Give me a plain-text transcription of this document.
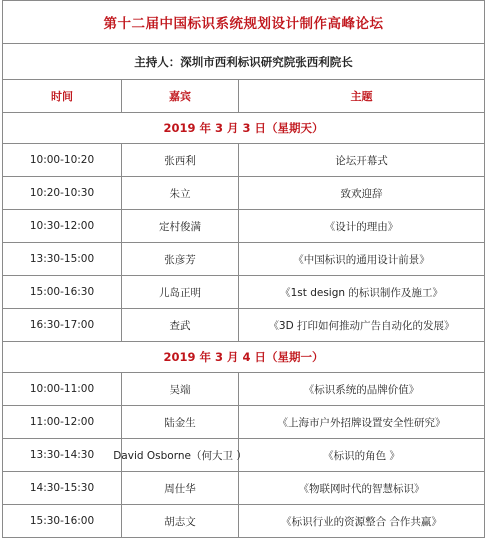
第十二届中国标识系统规划设计制作高峰论坛
主持人：深圳市西利标识研究院张西利院长
时间	嘉宾	主题
2019 年 3 月 3 日（星期天）
10:00-10:20	张西利	论坛开幕式
10:20-10:30	朱立	致欢迎辞
10:30-12:00	定村俊满	《设计的理由》
13:30-15:00	张彦芳	《中国标识的通用设计前景》
15:00-16:30	儿岛正明	《1st design 的标识制作及施工》
16:30-17:00	查武	《3D 打印如何推动广告自动化的发展》
2019 年 3 月 4 日（星期一）
10:00-11:00	吴端	《标识系统的品牌价值》
11:00-12:00	陆金生	《上海市户外招牌设置安全性研究》
13:30-14:30	David Osborne（何大卫 ）	《标识的角色 》
14:30-15:30	周仕华	《物联网时代的智慧标识》
15:30-16:00	胡志文	《标识行业的资源整合 合作共赢》
